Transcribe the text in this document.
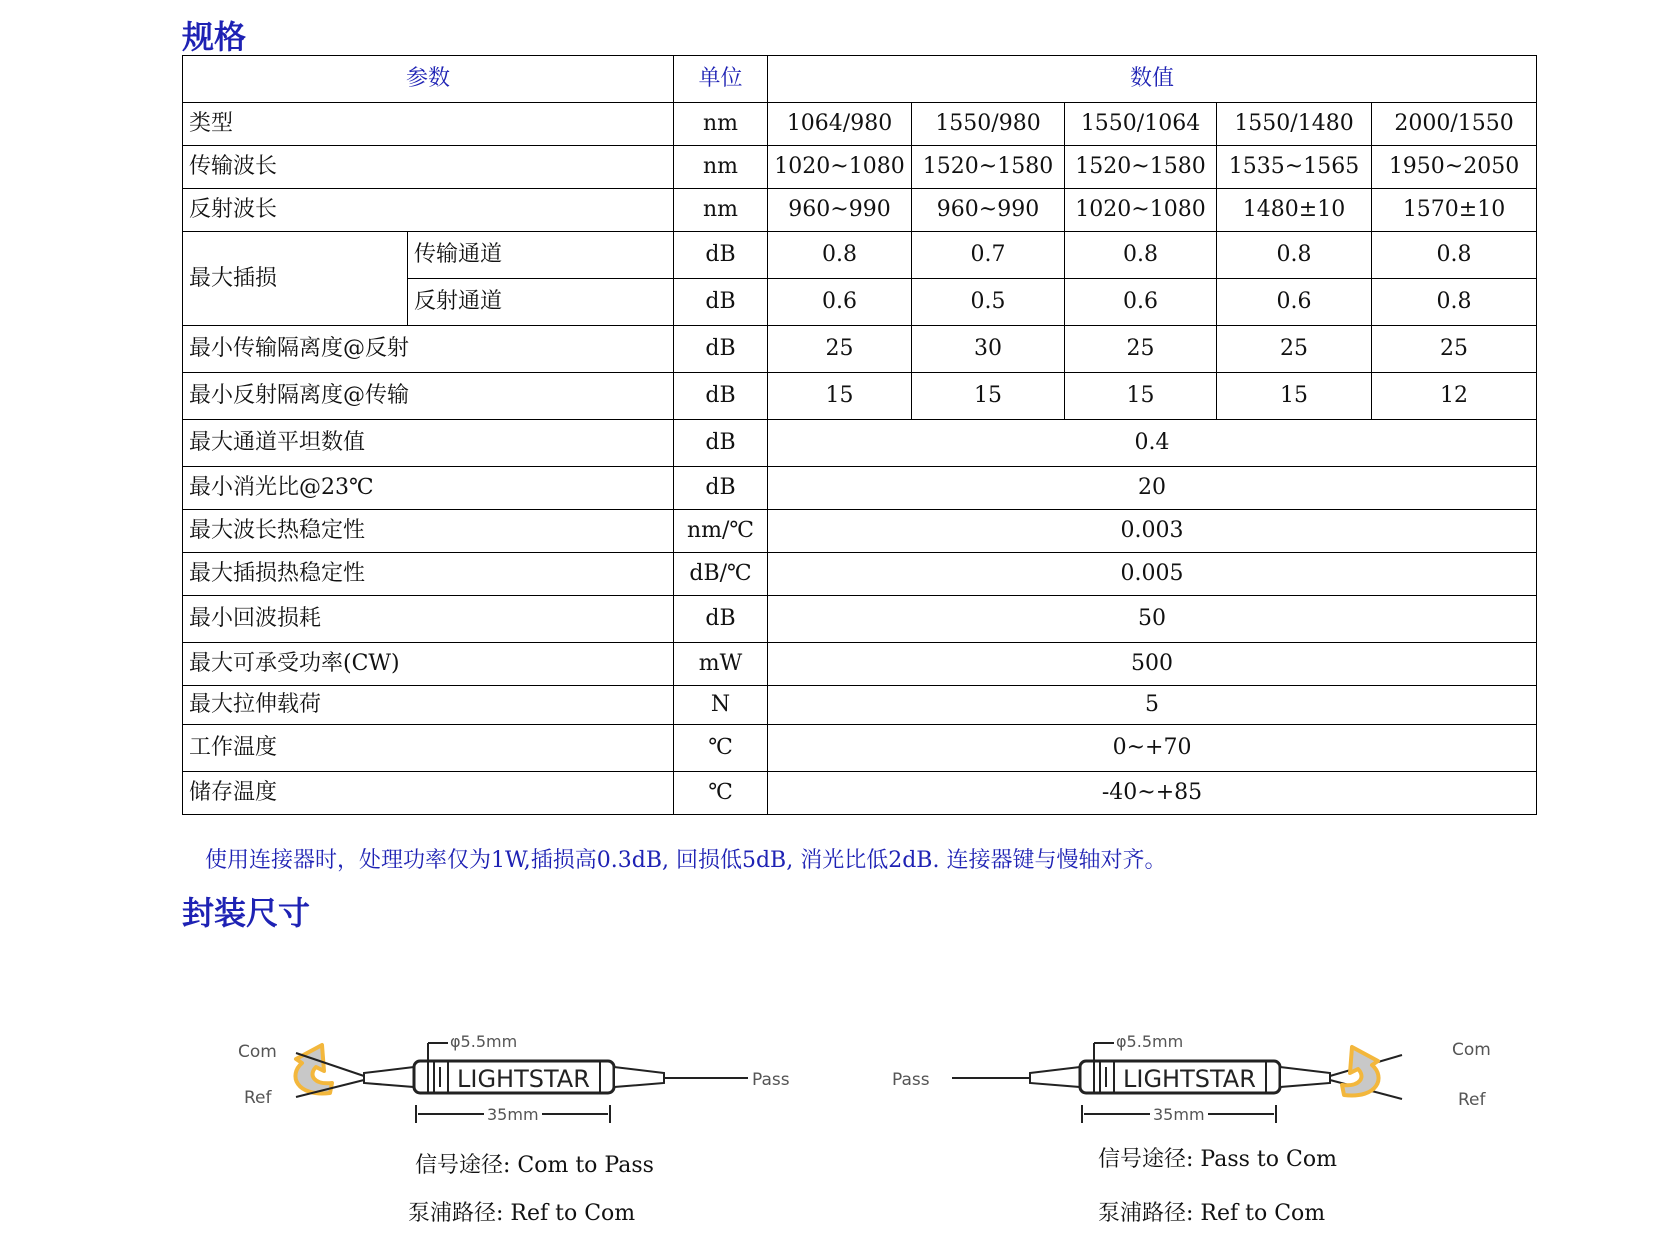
规格
参数		单位	数值				
类型		nm	1064/980	1550/980	1550/1064	1550/1480	2000/1550
传输波长		nm	1020~1080	1520~1580	1520~1580	1535~1565	1950~2050
反射波长		nm	960~990	960~990	1020~1080	1480±10	1570±10
最大插损	传输通道	dB	0.8	0.7	0.8	0.8	0.8
	反射通道	dB	0.6	0.5	0.6	0.6	0.8
最小传输隔离度@反射		dB	25	30	25	25	25
最小反射隔离度@传输		dB	15	15	15	15	12
最大通道平坦数值		dB	0.4				
最小消光比@23℃		dB	20				
最大波长热稳定性		nm/℃	0.003				
最大插损热稳定性		dB/℃	0.005				
最小回波损耗		dB	50				
最大可承受功率(CW)		mW	500				
最大拉伸载荷		N	5				
工作温度		℃	0~+70				
储存温度		℃	-40~+85				

使用连接器时，处理功率仅为1W,插损高0.3dB, 回损低5dB, 消光比低2dB. 连接器键与慢轴对齐。

封装尺寸
Com
Ref
Pass
φ5.5mm
LIGHTSTAR
35mm
Pass
Com
Ref
φ5.5mm
LIGHTSTAR
35mm

信号途径: Com to Pass

泵浦路径: Ref to Com

信号途径: Pass to Com

泵浦路径: Ref to Com
